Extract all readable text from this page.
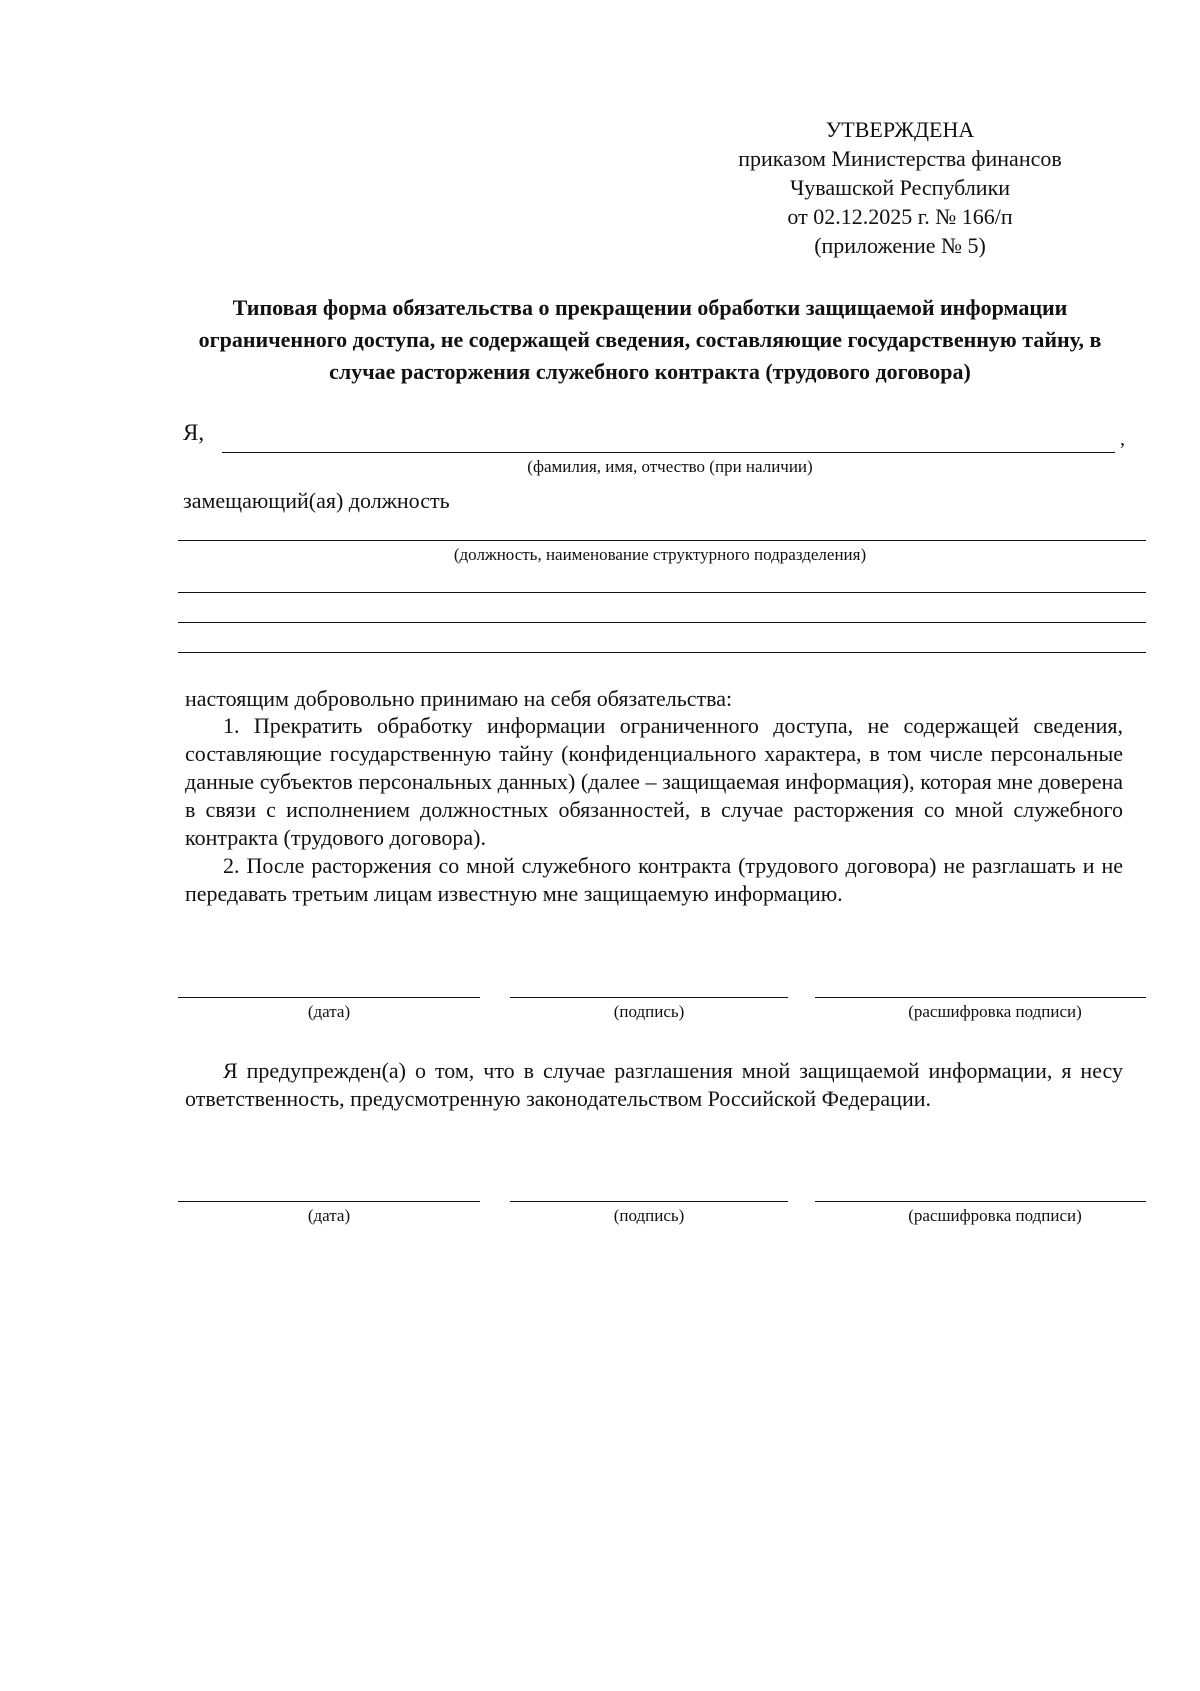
УТВЕРЖДЕНА
приказом Министерства финансов
Чувашской Республики
от 02.12.2025 г. № 166/п
(приложение № 5)
Типовая форма обязательства о прекращении обработки защищаемой информации ограниченного доступа, не содержащей сведения, составляющие государственную тайну, в случае расторжения служебного контракта (трудового договора)
Я,	,
(фамилия, имя, отчество (при наличии)
замещающий(ая) должность
(должность, наименование структурного подразделения)
настоящим добровольно принимаю на себя обязательства:
1. Прекратить обработку информации ограниченного доступа, не содержащей сведения, составляющие государственную тайну (конфиденциального характера, в том числе персональные данные субъектов персональных данных) (далее – защищаемая информация), которая мне доверена в связи с исполнением должностных обязанностей, в случае расторжения со мной служебного контракта (трудового договора).
2. После расторжения со мной служебного контракта (трудового договора) не разглашать и не передавать третьим лицам известную мне защищаемую информацию.
(дата)	(подпись)	(расшифровка подписи)
Я предупрежден(а) о том, что в случае разглашения мной защищаемой информации, я несу ответственность, предусмотренную законодательством Российской Федерации.
(дата)	(подпись)	(расшифровка подписи)
